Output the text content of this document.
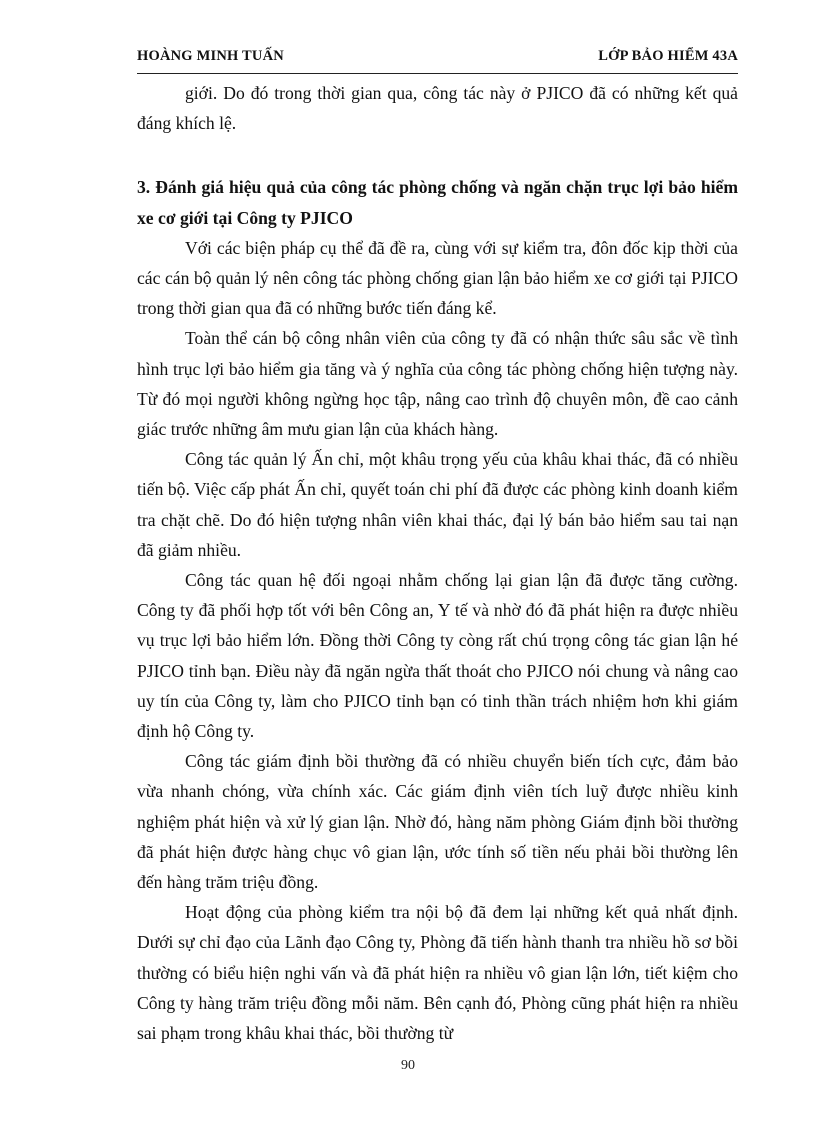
HOÀNG MINH TUẤN	LỚP BẢO HIỂM 43A

giới. Do đó trong thời gian qua, công tác này ở PJICO đã có những kết quả đáng khích lệ.

3. Đánh giá hiệu quả của công tác phòng chống và ngăn chặn trục lợi bảo hiểm xe cơ giới tại Công ty PJICO

Với các biện pháp cụ thể đã đề ra, cùng với sự kiểm tra, đôn đốc kịp thời của các cán bộ quản lý nên công tác phòng chống gian lận bảo hiểm xe cơ giới tại PJICO trong thời gian qua đã có những bước tiến đáng kể.

Toàn thể cán bộ công nhân viên của công ty đã có nhận thức sâu sắc về tình hình trục lợi bảo hiểm gia tăng và ý nghĩa của công tác phòng chống hiện tượng này. Từ đó mọi người không ngừng học tập, nâng cao trình độ chuyên môn, đề cao cảnh giác trước những âm mưu gian lận của khách hàng.

Công tác quản lý Ấn chỉ, một khâu trọng yếu của khâu khai thác, đã có nhiều tiến bộ. Việc cấp phát Ấn chỉ, quyết toán chi phí đã được các phòng kinh doanh kiểm tra chặt chẽ. Do đó hiện tượng nhân viên khai thác, đại lý bán bảo hiểm sau tai nạn đã giảm nhiều.

Công tác quan hệ đối ngoại nhằm chống lại gian lận đã được tăng cường. Công ty đã phối hợp tốt với bên Công an, Y tế và nhờ đó đã phát hiện ra được nhiều vụ trục lợi bảo hiểm lớn. Đồng thời Công ty còng rất chú trọng công tác gian lận hé PJICO tỉnh bạn. Điều này đã ngăn ngừa thất thoát cho PJICO nói chung và nâng cao uy tín của Công ty, làm cho PJICO tỉnh bạn có tinh thần trách nhiệm hơn khi giám định hộ Công ty.

Công tác giám định bồi thường đã có nhiều chuyển biến tích cực, đảm bảo vừa nhanh chóng, vừa chính xác. Các giám định viên tích luỹ được nhiều kinh nghiệm phát hiện và xử lý gian lận. Nhờ đó, hàng năm phòng Giám định bồi thường đã phát hiện được hàng chục vô gian lận, ước tính số tiền nếu phải bồi thường lên đến hàng trăm triệu đồng.

Hoạt động của phòng kiểm tra nội bộ đã đem lại những kết quả nhất định. Dưới sự chỉ đạo của Lãnh đạo Công ty, Phòng đã tiến hành thanh tra nhiều hồ sơ bồi thường có biểu hiện nghi vấn và đã phát hiện ra nhiều vô gian lận lớn, tiết kiệm cho Công ty hàng trăm triệu đồng mỗi năm. Bên cạnh đó, Phòng cũng phát hiện ra nhiều sai phạm trong khâu khai thác, bồi thường từ

90
